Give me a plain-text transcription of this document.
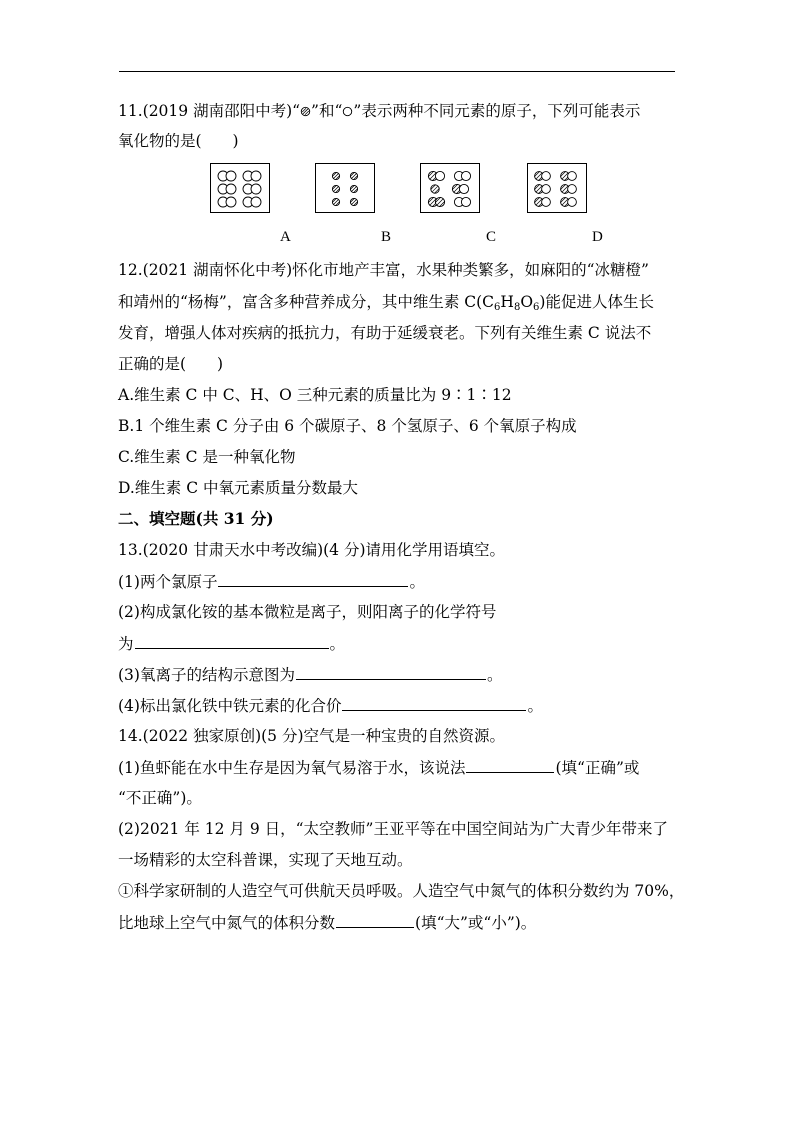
11.(2019 湖南邵阳中考)“ ”和“ ”表示两种不同元素的原子，下列可能表示
氧化物的是(　　)
A	B	C	D
12.(2021 湖南怀化中考)怀化市地产丰富，水果种类繁多，如麻阳的“冰糖橙”
和靖州的“杨梅”，富含多种营养成分，其中维生素 $C(C_6H_8O_6)$能促进人体生长
发育，增强人体对疾病的抵抗力，有助于延缓衰老。下列有关维生素 C 说法不
正确的是(　　)
A.维生素 C 中 C、H、O 三种元素的质量比为 9∶1∶12
B.1 个维生素 C 分子由 6 个碳原子、8 个氢原子、6 个氧原子构成
C.维生素 C 是一种氧化物
D.维生素 C 中氧元素质量分数最大
二、填空题(共 31 分)
13.(2020 甘肃天水中考改编)(4 分)请用化学用语填空。
(1)两个氯原子	。
(2)构成氯化铵的基本微粒是离子，则阳离子的化学符号
为	。
(3)氧离子的结构示意图为	。
(4)标出氯化铁中铁元素的化合价	。
14.(2022 独家原创)(5 分)空气是一种宝贵的自然资源。
(1)鱼虾能在水中生存是因为氧气易溶于水，该说法	(填“正确”或
“不正确”)。
(2)2021 年 12 月 9 日，“太空教师”王亚平等在中国空间站为广大青少年带来了
一场精彩的太空科普课，实现了天地互动。
①科学家研制的人造空气可供航天员呼吸。人造空气中氮气的体积分数约为 70%，
比地球上空气中氮气的体积分数	(填“大”或“小”)。
